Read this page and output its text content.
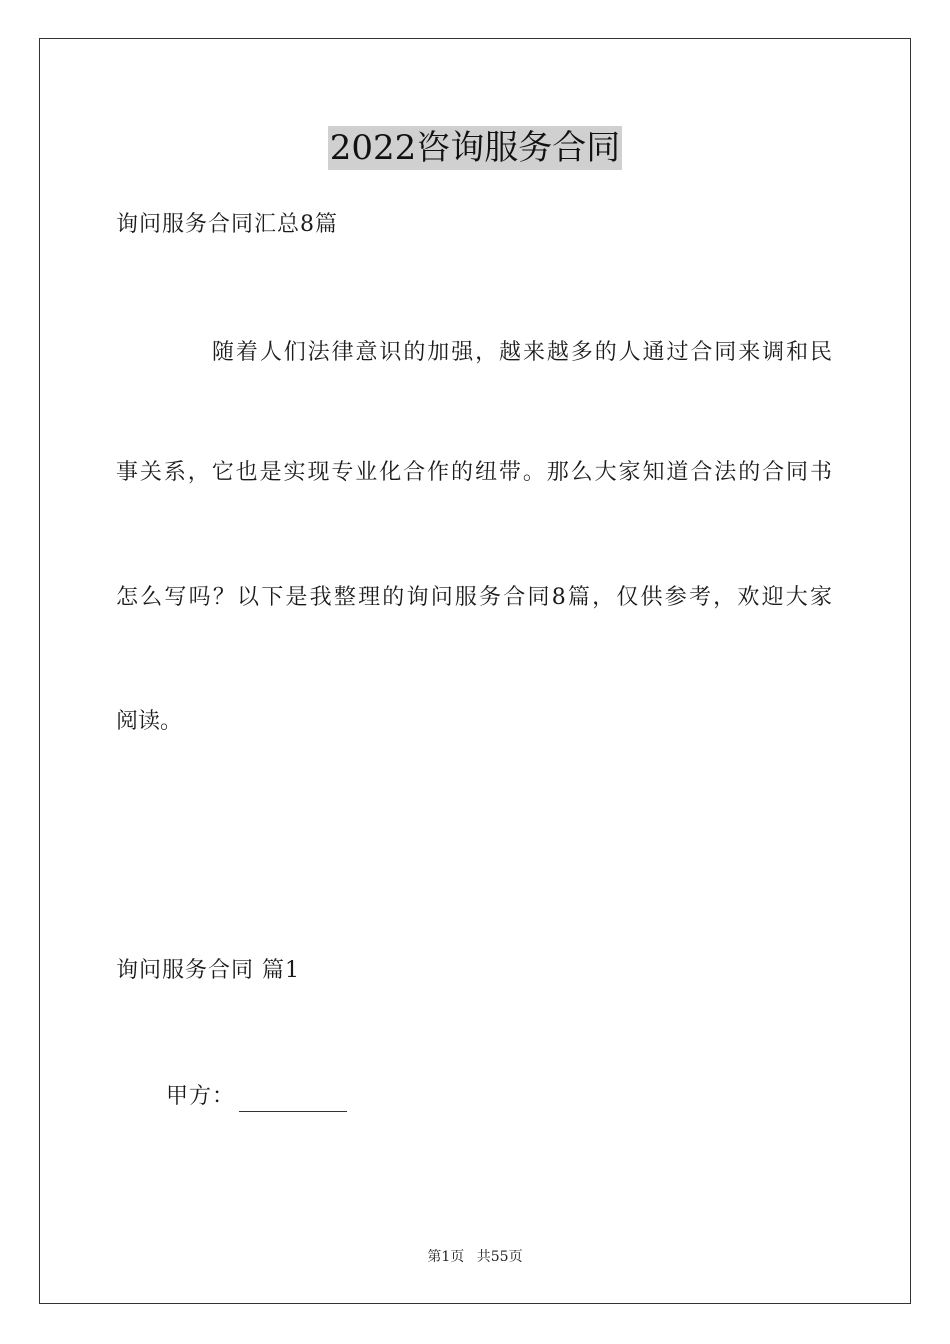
2022咨询服务合同

询问服务合同汇总8篇

随着人们法律意识的加强，越来越多的人通过合同来调和民

事关系，它也是实现专业化合作的纽带。那么大家知道合法的合同书

怎么写吗？以下是我整理的询问服务合同8篇，仅供参考，欢迎大家

阅读。

询问服务合同 篇1

甲方：
第1页 共55页
